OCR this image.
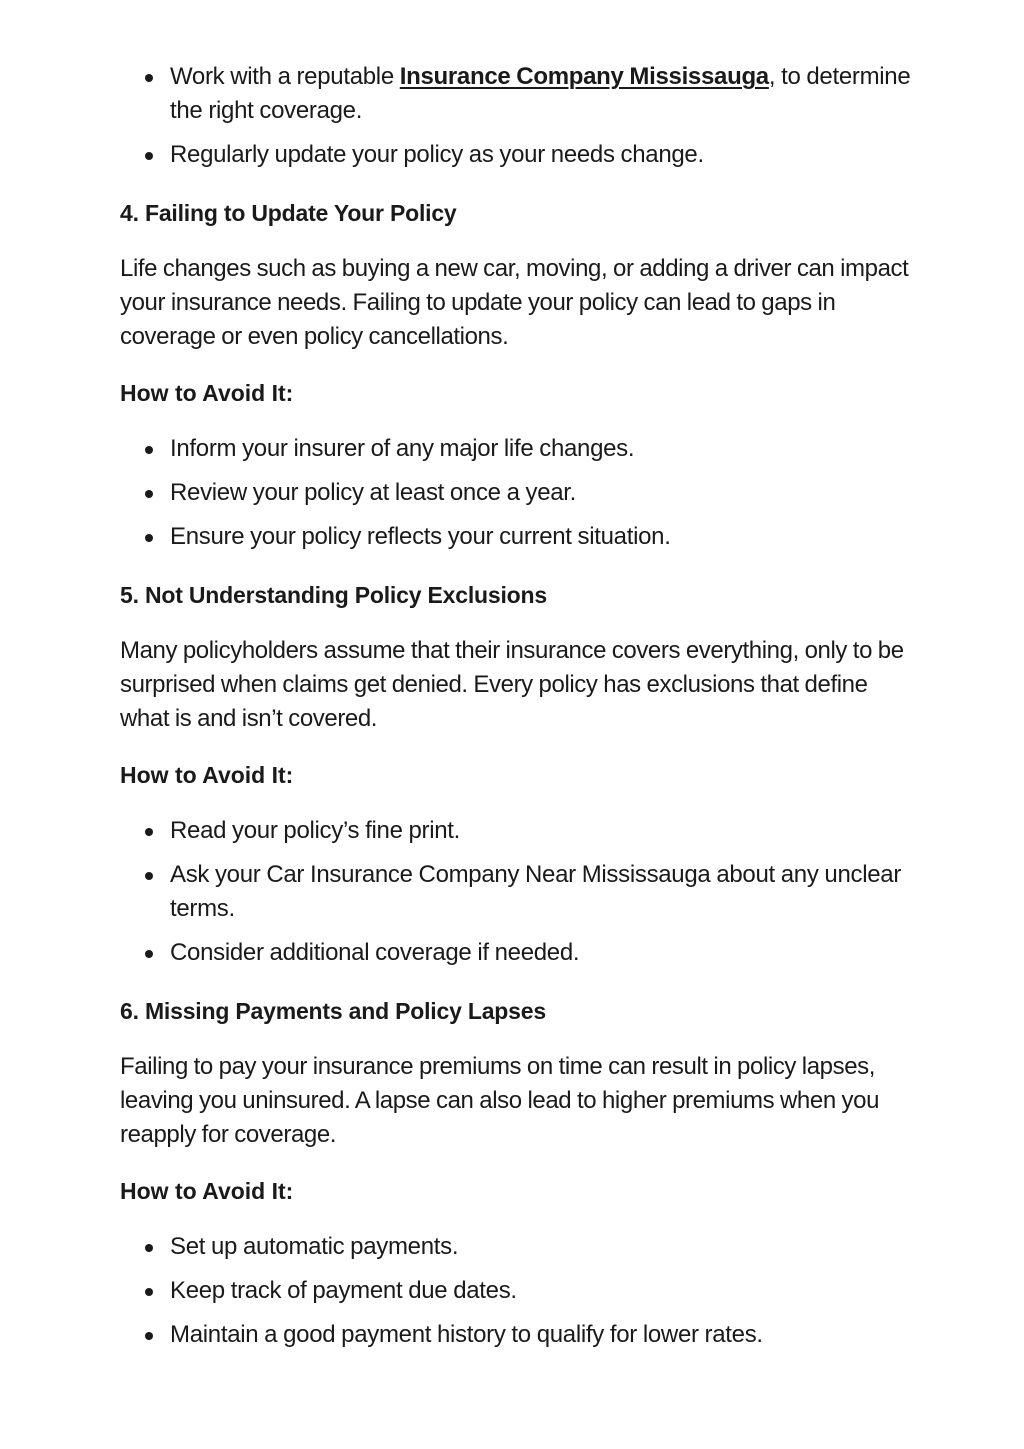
Work with a reputable Insurance Company Mississauga, to determine the right coverage.
Regularly update your policy as your needs change.
4. Failing to Update Your Policy

Life changes such as buying a new car, moving, or adding a driver can impact your insurance needs. Failing to update your policy can lead to gaps in coverage or even policy cancellations.

How to Avoid It:
Inform your insurer of any major life changes.
Review your policy at least once a year.
Ensure your policy reflects your current situation.
5. Not Understanding Policy Exclusions

Many policyholders assume that their insurance covers everything, only to be surprised when claims get denied. Every policy has exclusions that define what is and isn’t covered.

How to Avoid It:
Read your policy’s fine print.
Ask your Car Insurance Company Near Mississauga about any unclear terms.
Consider additional coverage if needed.
6. Missing Payments and Policy Lapses

Failing to pay your insurance premiums on time can result in policy lapses, leaving you uninsured. A lapse can also lead to higher premiums when you reapply for coverage.

How to Avoid It:
Set up automatic payments.
Keep track of payment due dates.
Maintain a good payment history to qualify for lower rates.
